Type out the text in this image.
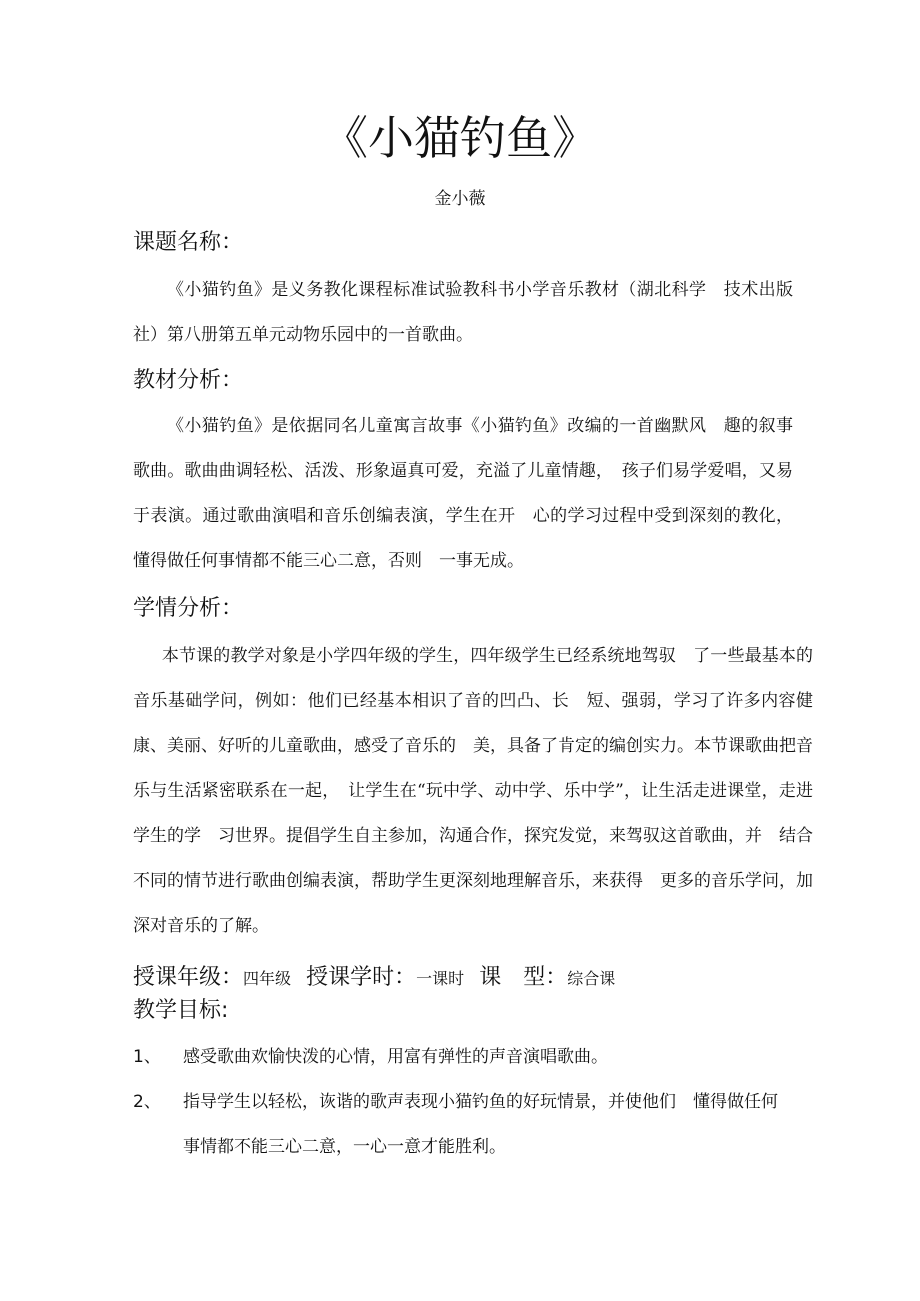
《小猫钓鱼》
金小薇
课题名称：

《小猫钓鱼》是义务教化课程标准试验教科书小学音乐教材（湖北科学　技术出版社）第八册第五单元动物乐园中的一首歌曲。

教材分析：

《小猫钓鱼》是依据同名儿童寓言故事《小猫钓鱼》改编的一首幽默风　趣的叙事歌曲。歌曲曲调轻松、活泼、形象逼真可爱，充溢了儿童情趣，　孩子们易学爱唱，又易于表演。通过歌曲演唱和音乐创编表演，学生在开　心的学习过程中受到深刻的教化，懂得做任何事情都不能三心二意，否则　一事无成。

学情分析：

本节课的教学对象是小学四年级的学生，四年级学生已经系统地驾驭　了一些最基本的音乐基础学问，例如：他们已经基本相识了音的凹凸、长　短、强弱，学习了许多内容健康、美丽、好听的儿童歌曲，感受了音乐的　美，具备了肯定的编创实力。本节课歌曲把音乐与生活紧密联系在一起，　让学生在“玩中学、动中学、乐中学”，让生活走进课堂，走进学生的学　习世界。提倡学生自主参加，沟通合作，探究发觉，来驾驭这首歌曲，并　结合不同的情节进行歌曲创编表演，帮助学生更深刻地理解音乐，来获得　更多的音乐学问，加深对音乐的了解。

授课年级：四年级 授课学时：一课时 课　型：综合课
教学目标:
1、 感受歌曲欢愉快泼的心情，用富有弹性的声音演唱歌曲。
2、 指导学生以轻松，诙谐的歌声表现小猫钓鱼的好玩情景，并使他们　懂得做任何事情都不能三心二意，一心一意才能胜利。
